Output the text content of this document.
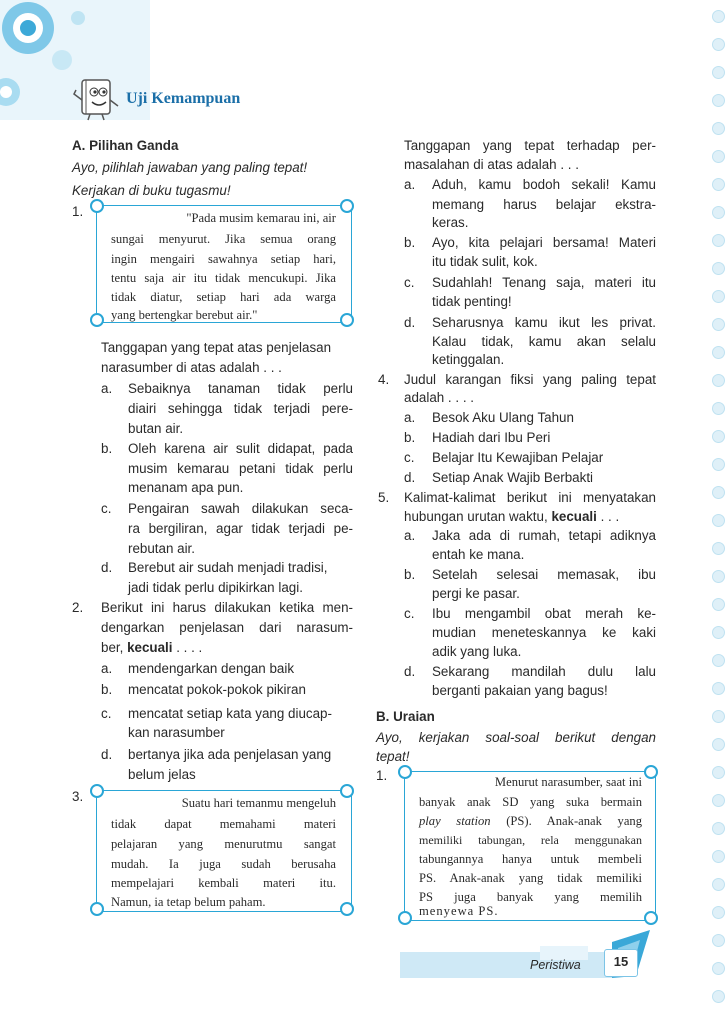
Uji Kemampuan
A. Pilihan Ganda
Ayo, pilihlah jawaban yang paling tepat!
Kerjakan di buku tugasmu!
1.	"Pada musim kemarau ini, air
sungai menyurut. Jika semua orang
ingin mengairi sawahnya setiap hari,
tentu saja air itu tidak mencukupi. Jika
tidak diatur, setiap hari ada warga
yang bertengkar berebut air."
Tanggapan yang tepat atas penjelasan
narasumber di atas adalah . . .
a. Sebaiknya tanaman tidak perlu
diairi sehingga tidak terjadi pere-
butan air.
b. Oleh karena air sulit didapat, pada
musim kemarau petani tidak perlu
menanam apa pun.
c. Pengairan sawah dilakukan seca-
ra bergiliran, agar tidak terjadi pe-
rebutan air.
d. Berebut air sudah menjadi tradisi,
jadi tidak perlu dipikirkan lagi.
2. Berikut ini harus dilakukan ketika men-
dengarkan penjelasan dari narasum-
ber, kecuali . . . .
a. mendengarkan dengan baik
b. mencatat pokok-pokok pikiran
c. mencatat setiap kata yang diucap-
kan narasumber
d. bertanya jika ada penjelasan yang
belum jelas
3.	Suatu hari temanmu mengeluh
tidak dapat memahami materi
pelajaran yang menurutmu sangat
mudah. Ia juga sudah berusaha
mempelajari kembali materi itu.
Namun, ia tetap belum paham.
Tanggapan yang tepat terhadap per-
masalahan di atas adalah . . .
a. Aduh, kamu bodoh sekali! Kamu
memang harus belajar ekstra-
keras.
b. Ayo, kita pelajari bersama! Materi
itu tidak sulit, kok.
c. Sudahlah! Tenang saja, materi itu
tidak penting!
d. Seharusnya kamu ikut les privat.
Kalau tidak, kamu akan selalu
ketinggalan.
4. Judul karangan fiksi yang paling tepat
adalah . . . .
a. Besok Aku Ulang Tahun
b. Hadiah dari Ibu Peri
c. Belajar Itu Kewajiban Pelajar
d. Setiap Anak Wajib Berbakti
5. Kalimat-kalimat berikut ini menyatakan
hubungan urutan waktu, kecuali . . .
a. Jaka ada di rumah, tetapi adiknya
entah ke mana.
b. Setelah selesai memasak, ibu
pergi ke pasar.
c. Ibu mengambil obat merah ke-
mudian meneteskannya ke kaki
adik yang luka.
d. Sekarang mandilah dulu lalu
berganti pakaian yang bagus!
B. Uraian
Ayo, kerjakan soal-soal berikut dengan
tepat!
1.	Menurut narasumber, saat ini
banyak anak SD yang suka bermain
play station (PS). Anak-anak yang
memiliki tabungan, rela menggunakan
tabungannya hanya untuk membeli
PS. Anak-anak yang tidak memiliki
PS juga banyak yang memilih
menyewa PS.
Peristiwa	15
